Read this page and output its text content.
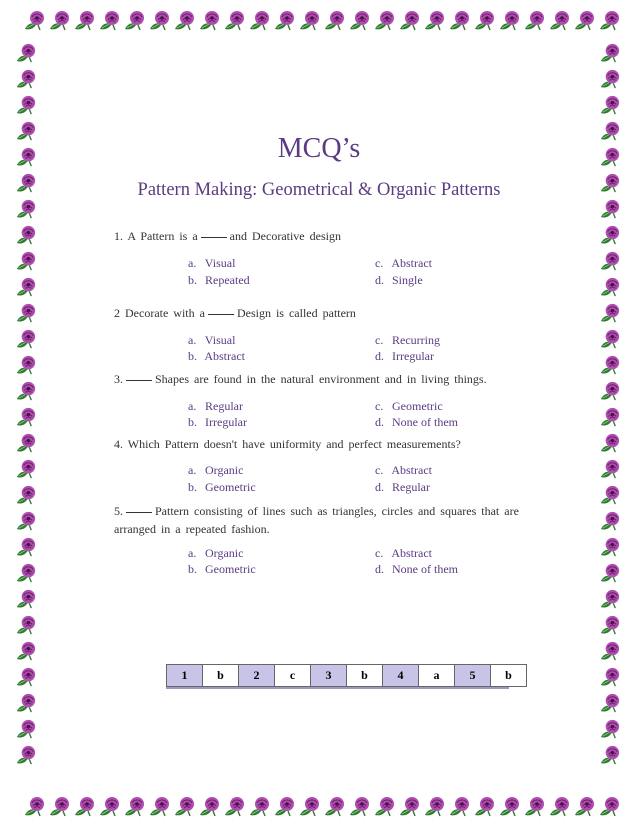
MCQ’s
Pattern Making: Geometrical & Organic Patterns
1. A Pattern is a	and Decorative design
a. Visual
b. Repeated
c. Abstract
d. Single
2 Decorate with a	Design is called pattern
a. Visual
b. Abstract
c. Recurring
d. Irregular
3.	Shapes are found in the natural environment and in living things.
a. Regular
b. Irregular
c. Geometric
d. None of them
4. Which Pattern doesn't have uniformity and perfect measurements?
a. Organic
b. Geometric
c. Abstract
d. Regular
5.	Pattern consisting of lines such as triangles, circles and squares that are arranged in a repeated fashion.
a. Organic
b. Geometric
c. Abstract
d. None of them
1	b	2	c	3	b	4	a	5	b
